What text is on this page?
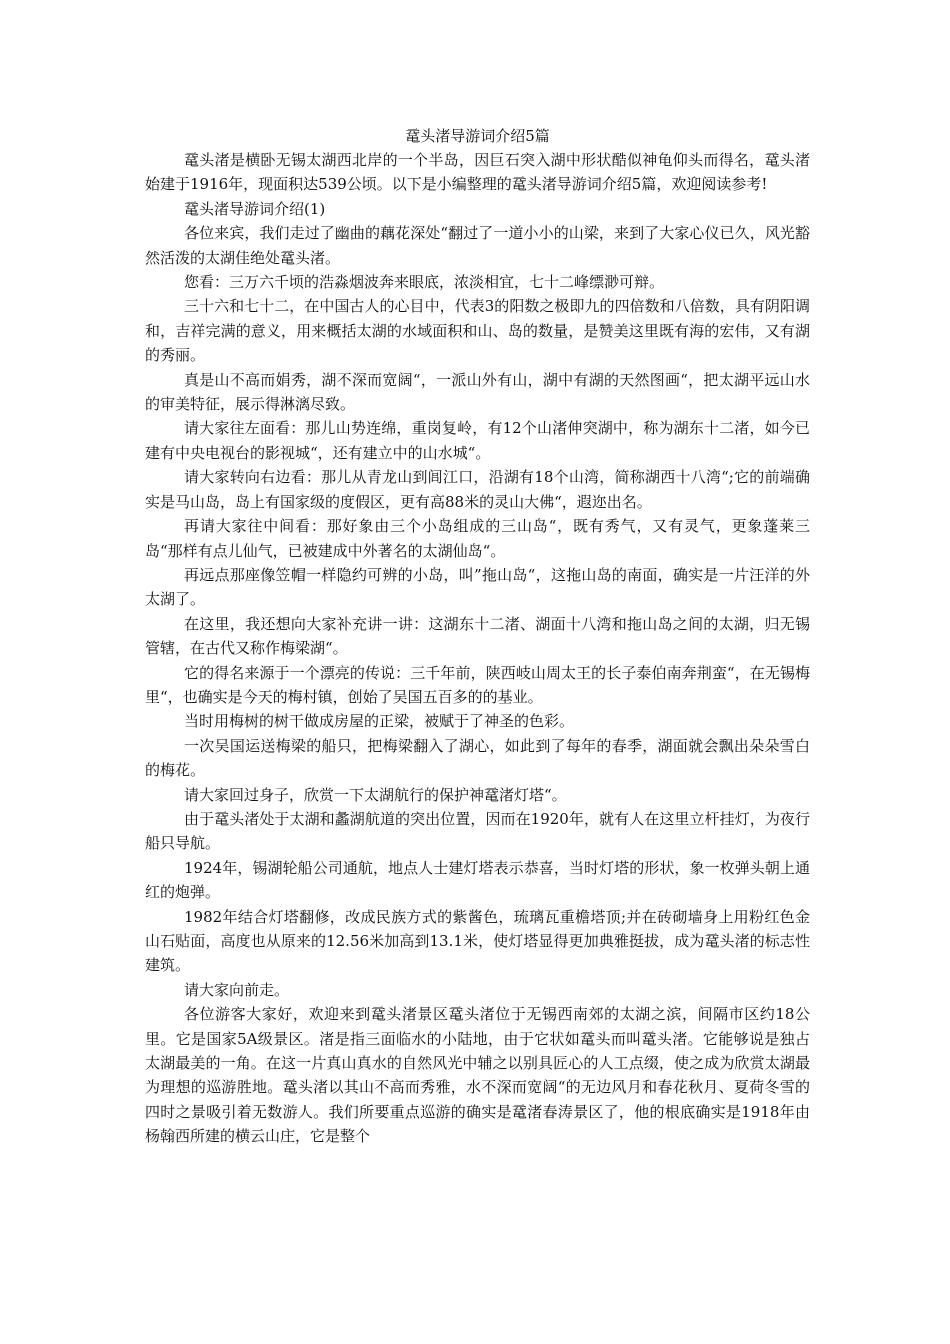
鼋头渚导游词介绍5篇

鼋头渚是横卧无锡太湖西北岸的一个半岛，因巨石突入湖中形状酷似神龟仰头而得名，鼋头渚始建于1916年，现面积达539公顷。以下是小编整理的鼋头渚导游词介绍5篇，欢迎阅读参考!

鼋头渚导游词介绍(1)

各位来宾，我们走过了幽曲的藕花深处“翻过了一道小小的山梁，来到了大家心仪已久，风光豁然活泼的太湖佳绝处鼋头渚。

您看：三万六千顷的浩淼烟波奔来眼底，浓淡相宜，七十二峰缥渺可辩。

三十六和七十二，在中国古人的心目中，代表3的阳数之极即九的四倍数和八倍数，具有阴阳调和，吉祥完满的意义，用来概括太湖的水域面积和山、岛的数量，是赞美这里既有海的宏伟，又有湖的秀丽。

真是山不高而娟秀，湖不深而宽阔“，一派山外有山，湖中有湖的天然图画“，把太湖平远山水的审美特征，展示得淋漓尽致。

请大家往左面看：那儿山势连绵，重岗复岭，有12个山渚伸突湖中，称为湖东十二渚，如今已建有中央电视台的影视城“，还有建立中的山水城“。

请大家转向右边看：那儿从青龙山到闾江口，沿湖有18个山湾，简称湖西十八湾“;它的前端确实是马山岛，岛上有国家级的度假区，更有高88米的灵山大佛“，遐迩出名。

再请大家往中间看：那好象由三个小岛组成的三山岛“，既有秀气，又有灵气，更象蓬莱三岛“那样有点儿仙气，已被建成中外著名的太湖仙岛“。

再远点那座像笠帽一样隐约可辨的小岛，叫”拖山岛“，这拖山岛的南面，确实是一片汪洋的外太湖了。

在这里，我还想向大家补充讲一讲：这湖东十二渚、湖面十八湾和拖山岛之间的太湖，归无锡管辖，在古代又称作梅梁湖“。

它的得名来源于一个漂亮的传说：三千年前，陕西岐山周太王的长子泰伯南奔荆蛮“，在无锡梅里“，也确实是今天的梅村镇，创始了吴国五百多的的基业。

当时用梅树的树干做成房屋的正梁，被赋于了神圣的色彩。

一次吴国运送梅梁的船只，把梅梁翻入了湖心，如此到了每年的春季，湖面就会飘出朵朵雪白的梅花。

请大家回过身子，欣赏一下太湖航行的保护神鼋渚灯塔“。

由于鼋头渚处于太湖和蠡湖航道的突出位置，因而在1920年，就有人在这里立杆挂灯，为夜行船只导航。

1924年，锡湖轮船公司通航，地点人士建灯塔表示恭喜，当时灯塔的形状，象一枚弹头朝上通红的炮弹。

1982年结合灯塔翻修，改成民族方式的紫酱色，琉璃瓦重檐塔顶;并在砖砌墙身上用粉红色金山石贴面，高度也从原来的12.56米加高到13.1米，使灯塔显得更加典雅挺拔，成为鼋头渚的标志性建筑。

请大家向前走。

各位游客大家好，欢迎来到鼋头渚景区鼋头渚位于无锡西南郊的太湖之滨，间隔市区约18公里。它是国家5A级景区。渚是指三面临水的小陆地，由于它状如鼋头而叫鼋头渚。它能够说是独占太湖最美的一角。在这一片真山真水的自然风光中辅之以别具匠心的人工点缀，使之成为欣赏太湖最为理想的巡游胜地。鼋头渚以其山不高而秀雅，水不深而宽阔“的无边风月和春花秋月、夏荷冬雪的四时之景吸引着无数游人。我们所要重点巡游的确实是鼋渚春涛景区了，他的根底确实是1918年由杨翰西所建的横云山庄，它是整个
